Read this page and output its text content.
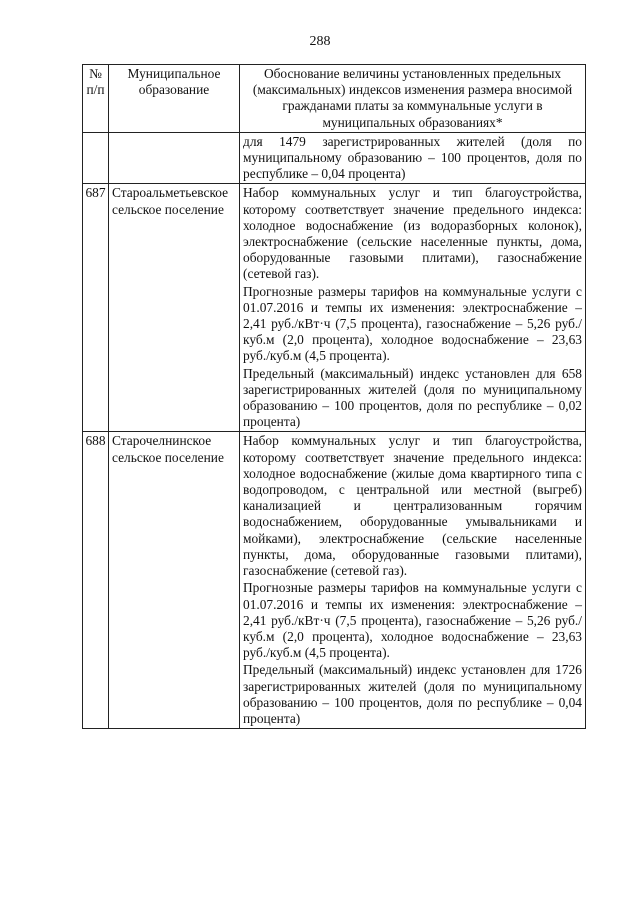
288
№ п/п	Муниципальное образование	Обоснование величины установленных предельных (максимальных) индексов изменения размера вносимой гражданами платы за коммунальные услуги в муниципальных образованиях*

		для 1479 зарегистрированных жителей (доля по муниципальному образованию – 100 процентов, доля по республике – 0,04 процента)

687	Староальметьевское сельское поселение	Набор коммунальных услуг и тип благоустройства, которому соответствует значение предельного индекса: холодное водоснабжение (из водоразборных колонок), электроснабжение (сельские населенные пункты, дома, оборудованные газовыми плитами), газоснабжение (сетевой газ).

Прогнозные размеры тарифов на коммунальные услуги с 01.07.2016 и темпы их изменения: электроснабжение – 2,41 руб./кВт·ч (7,5 процента), газоснабжение – 5,26 руб./куб.м (2,0 процента), холодное водоснабжение – 23,63 руб./куб.м (4,5 процента).

Предельный (максимальный) индекс установлен для 658 зарегистрированных жителей (доля по муниципальному образованию – 100 процентов, доля по республике – 0,02 процента)

688	Старочелнинское сельское поселение	Набор коммунальных услуг и тип благоустройства, которому соответствует значение предельного индекса: холодное водоснабжение (жилые дома квартирного типа с водопроводом, с центральной или местной (выгреб) канализацией и централизованным горячим водоснабжением, оборудованные умывальниками и мойками), электроснабжение (сельские населенные пункты, дома, оборудованные газовыми плитами), газоснабжение (сетевой газ).

Прогнозные размеры тарифов на коммунальные услуги с 01.07.2016 и темпы их изменения: электроснабжение – 2,41 руб./кВт·ч (7,5 процента), газоснабжение – 5,26 руб./куб.м (2,0 процента), холодное водоснабжение – 23,63 руб./куб.м (4,5 процента).

Предельный (максимальный) индекс установлен для 1726 зарегистрированных жителей (доля по муниципальному образованию – 100 процентов, доля по республике – 0,04 процента)
